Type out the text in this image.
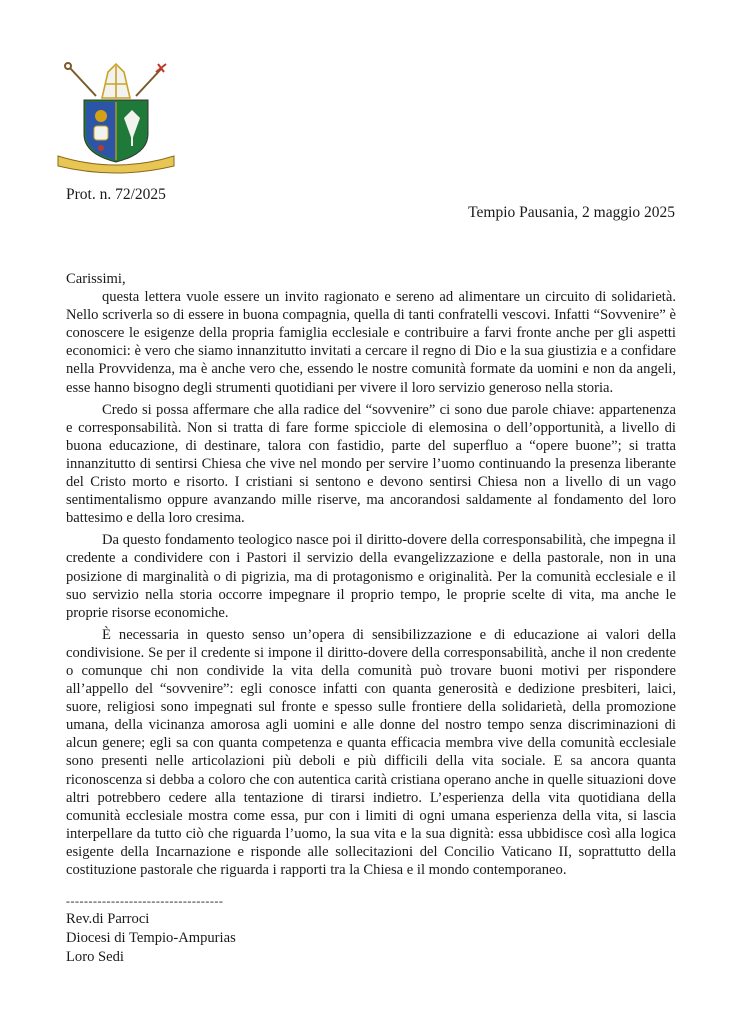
Prot. n. 72/2025
Tempio Pausania, 2 maggio 2025

Carissimi,

questa lettera vuole essere un invito ragionato e sereno ad alimentare un circuito di solidarietà. Nello scriverla so di essere in buona compagnia, quella di tanti confratelli vescovi. Infatti “Sovvenire” è conoscere le esigenze della propria famiglia ecclesiale e contribuire a farvi fronte anche per gli aspetti economici: è vero che siamo innanzitutto invitati a cercare il regno di Dio e la sua giustizia e a confidare nella Provvidenza, ma è anche vero che, essendo le nostre comunità formate da uomini e non da angeli, esse hanno bisogno degli strumenti quotidiani per vivere il loro servizio generoso nella storia.

Credo si possa affermare che alla radice del “sovvenire” ci sono due parole chiave: appartenenza e corresponsabilità. Non si tratta di fare forme spicciole di elemosina o dell’opportunità, a livello di buona educazione, di destinare, talora con fastidio, parte del superfluo a “opere buone”; si tratta innanzitutto di sentirsi Chiesa che vive nel mondo per servire l’uomo continuando la presenza liberante del Cristo morto e risorto. I cristiani si sentono e devono sentirsi Chiesa non a livello di un vago sentimentalismo oppure avanzando mille riserve, ma ancorandosi saldamente al fondamento del loro battesimo e della loro cresima.

Da questo fondamento teologico nasce poi il diritto-dovere della corresponsabilità, che impegna il credente a condividere con i Pastori il servizio della evangelizzazione e della pastorale, non in una posizione di marginalità o di pigrizia, ma di protagonismo e originalità. Per la comunità ecclesiale e il suo servizio nella storia occorre impegnare il proprio tempo, le proprie scelte di vita, ma anche le proprie risorse economiche.

È necessaria in questo senso un’opera di sensibilizzazione e di educazione ai valori della condivisione. Se per il credente si impone il diritto-dovere della corresponsabilità, anche il non credente o comunque chi non condivide la vita della comunità può trovare buoni motivi per rispondere all’appello del “sovvenire”: egli conosce infatti con quanta generosità e dedizione presbiteri, laici, suore, religiosi sono impegnati sul fronte e spesso sulle frontiere della solidarietà, della promozione umana, della vicinanza amorosa agli uomini e alle donne del nostro tempo senza discriminazioni di alcun genere; egli sa con quanta competenza e quanta efficacia membra vive della comunità ecclesiale sono presenti nelle articolazioni più deboli e più difficili della vita sociale. E sa ancora quanta riconoscenza si debba a coloro che con autentica carità cristiana operano anche in quelle situazioni dove altri potrebbero cedere alla tentazione di tirarsi indietro. L’esperienza della vita quotidiana della comunità ecclesiale mostra come essa, pur con i limiti di ogni umana esperienza della vita, si lascia interpellare da tutto ciò che riguarda l’uomo, la sua vita e la sua dignità: essa ubbidisce così alla logica esigente della Incarnazione e risponde alle sollecitazioni del Concilio Vaticano II, soprattutto della costituzione pastorale che riguarda i rapporti tra la Chiesa e il mondo contemporaneo.

-----------------------------------
Rev.di Parroci
Diocesi di Tempio-Ampurias
Loro Sedi
